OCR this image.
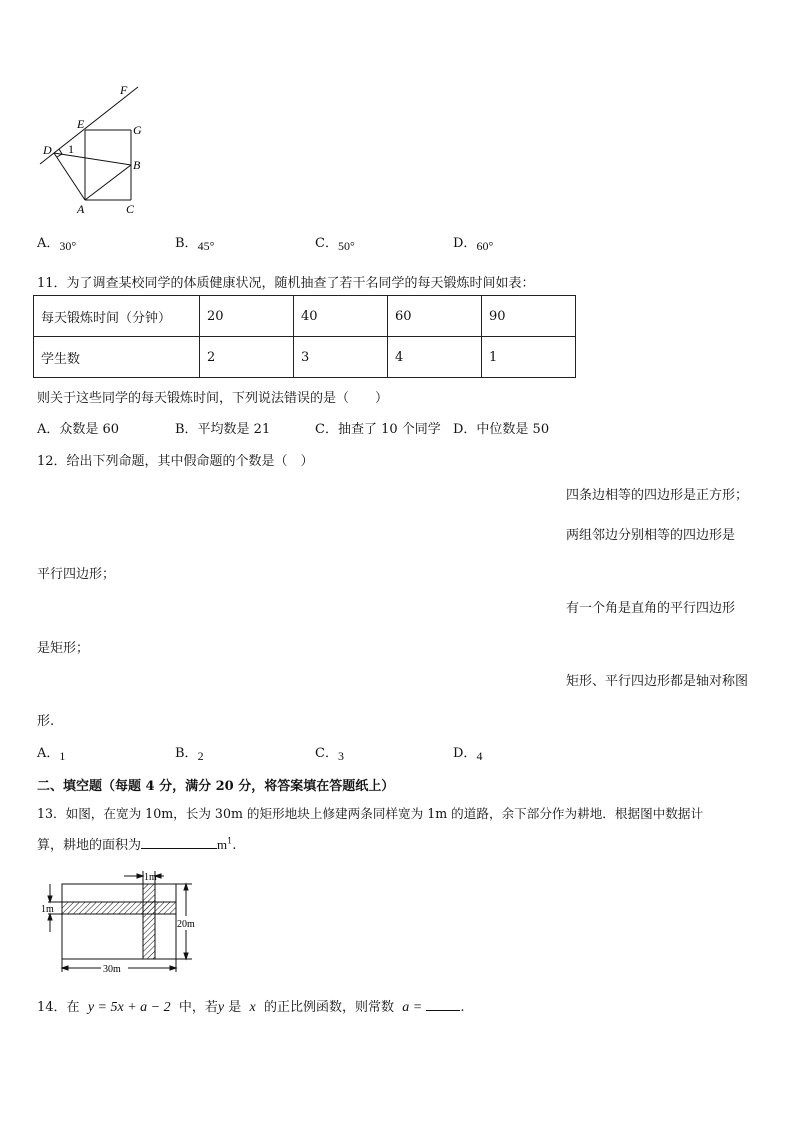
F
E	G
D 1
B
A	C
A．30°	B．45°	C．50°	D．60°
11．为了调查某校同学的体质健康状况，随机抽查了若干名同学的每天锻炼时间如表：
每天锻炼时间（分钟）	20	40	60	90
学生数	2	3	4	1
则关于这些同学的每天锻炼时间，下列说法错误的是（　　）
A．众数是 60	B．平均数是 21	C．抽查了 10 个同学 D．中位数是 50
12．给出下列命题，其中假命题的个数是（　）
四条边相等的四边形是正方形；
两组邻边分别相等的四边形是
平行四边形；
有一个角是直角的平行四边形
是矩形；
矩形、平行四边形都是轴对称图
形.
A．1	B．2	C．3	D．4
二、填空题（每题 4 分，满分 20 分，将答案填在答题纸上）
13．如图，在宽为 10m，长为 30m 的矩形地块上修建两条同样宽为 1m 的道路，余下部分作为耕地．根据图中数据计
算，耕地的面积为	$m^1$.
1m
1m
20m
30m
14．在 y = 5x + a − 2 中，若y 是 x 的正比例函数，则常数 a =	.
